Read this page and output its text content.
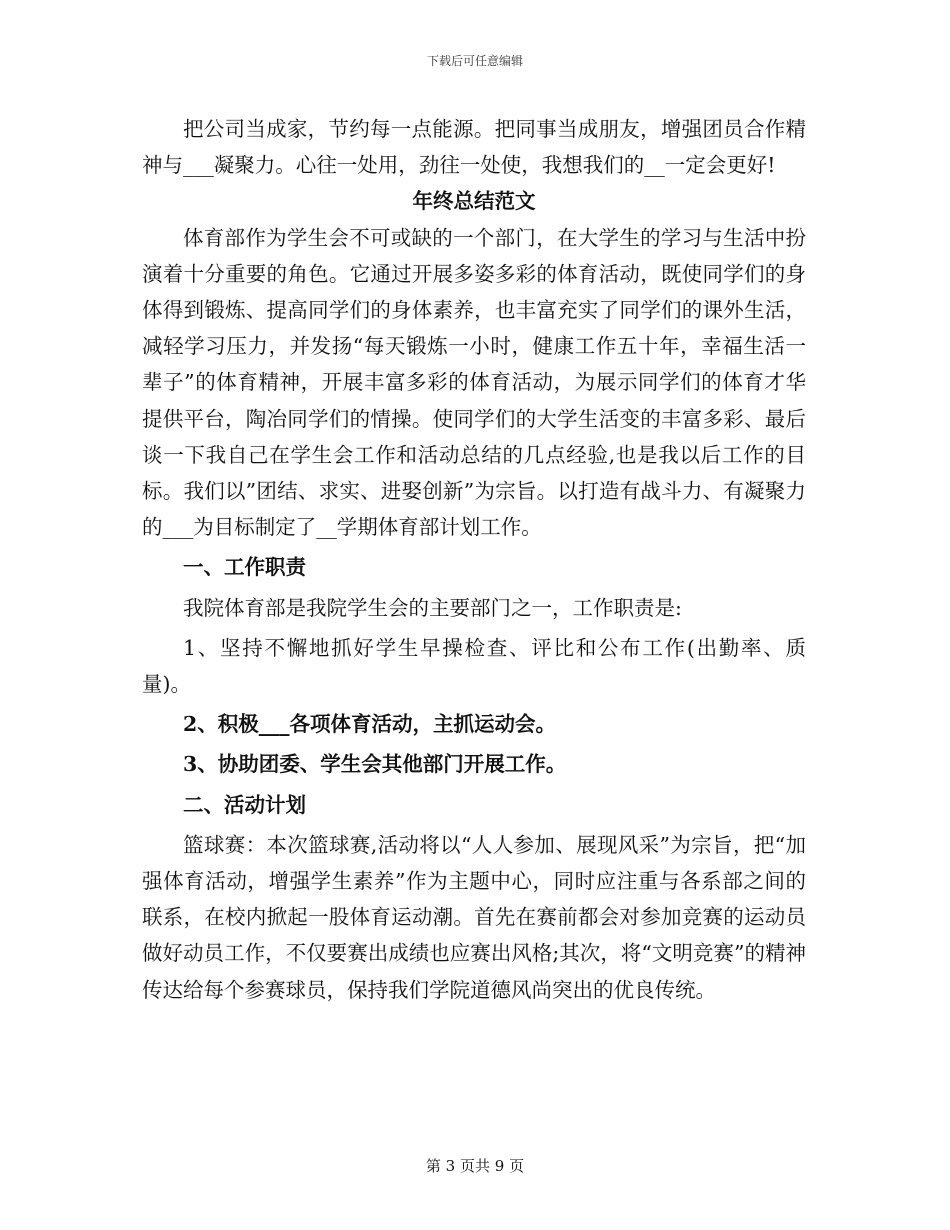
下载后可任意编辑

把公司当成家，节约每一点能源。把同事当成朋友，增强团员合作精神与___凝聚力。心往一处用，劲往一处使，我想我们的__一定会更好!

年终总结范文

体育部作为学生会不可或缺的一个部门，在大学生的学习与生活中扮演着十分重要的角色。它通过开展多姿多彩的体育活动，既使同学们的身体得到锻炼、提高同学们的身体素养，也丰富充实了同学们的课外生活，减轻学习压力，并发扬“每天锻炼一小时，健康工作五十年，幸福生活一辈子”的体育精神，开展丰富多彩的体育活动，为展示同学们的体育才华提供平台，陶冶同学们的情操。使同学们的大学生活变的丰富多彩、最后谈一下我自己在学生会工作和活动总结的几点经验,也是我以后工作的目标。我们以”团结、求实、进娶创新”为宗旨。以打造有战斗力、有凝聚力的___为目标制定了__学期体育部计划工作。

一、工作职责

我院体育部是我院学生会的主要部门之一，工作职责是:

1、坚持不懈地抓好学生早操检查、评比和公布工作(出勤率、质量)。

2、积极___各项体育活动，主抓运动会。

3、协助团委、学生会其他部门开展工作。

二、活动计划

篮球赛：本次篮球赛,活动将以“人人参加、展现风采”为宗旨，把“加强体育活动，增强学生素养”作为主题中心，同时应注重与各系部之间的联系，在校内掀起一股体育运动潮。首先在赛前都会对参加竞赛的运动员做好动员工作，不仅要赛出成绩也应赛出风格;其次，将“文明竞赛”的精神传达给每个参赛球员，保持我们学院道德风尚突出的优良传统。

第 3 页共 9 页
